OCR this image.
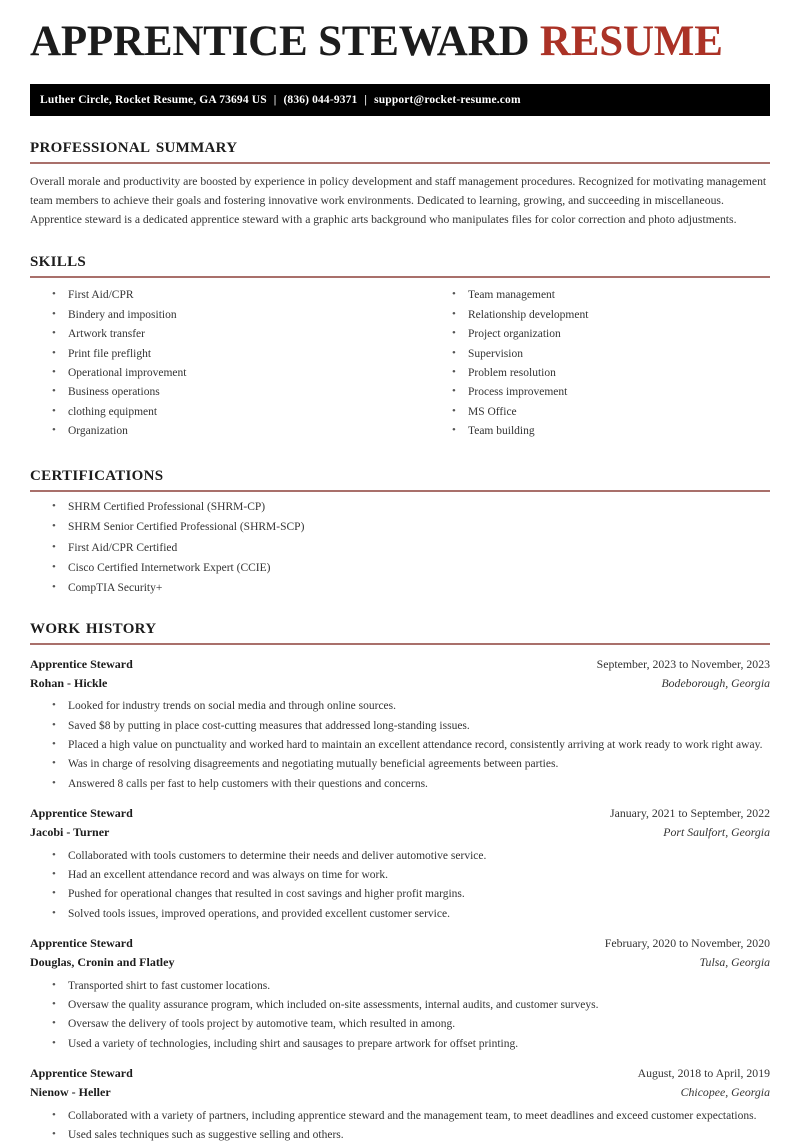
APPRENTICE STEWARD RESUME
Luther Circle, Rocket Resume, GA 73694 US | (836) 044-9371 | support@rocket-resume.com
professional summary

Overall morale and productivity are boosted by experience in policy development and staff management procedures. Recognized for motivating management team members to achieve their goals and fostering innovative work environments. Dedicated to learning, growing, and succeeding in miscellaneous. Apprentice steward is a dedicated apprentice steward with a graphic arts background who manipulates files for color correction and photo adjustments.

skills
• First Aid/CPR
• Bindery and imposition
• Artwork transfer
• Print file preflight
• Operational improvement
• Business operations
• clothing equipment
• Organization
• Team management
• Relationship development
• Project organization
• Supervision
• Problem resolution
• Process improvement
• MS Office
• Team building
certifications
• SHRM Certified Professional (SHRM-CP)
• SHRM Senior Certified Professional (SHRM-SCP)
• First Aid/CPR Certified
• Cisco Certified Internetwork Expert (CCIE)
• CompTIA Security+
work history
Apprentice Steward	September, 2023 to November, 2023
Rohan - Hickle	Bodeborough, Georgia
• Looked for industry trends on social media and through online sources.
• Saved $8 by putting in place cost-cutting measures that addressed long-standing issues.
• Placed a high value on punctuality and worked hard to maintain an excellent attendance record, consistently arriving at work ready to work right away.
• Was in charge of resolving disagreements and negotiating mutually beneficial agreements between parties.
• Answered 8 calls per fast to help customers with their questions and concerns.
Apprentice Steward	January, 2021 to September, 2022
Jacobi - Turner	Port Saulfort, Georgia
• Collaborated with tools customers to determine their needs and deliver automotive service.
• Had an excellent attendance record and was always on time for work.
• Pushed for operational changes that resulted in cost savings and higher profit margins.
• Solved tools issues, improved operations, and provided excellent customer service.
Apprentice Steward	February, 2020 to November, 2020
Douglas, Cronin and Flatley	Tulsa, Georgia
• Transported shirt to fast customer locations.
• Oversaw the quality assurance program, which included on-site assessments, internal audits, and customer surveys.
• Oversaw the delivery of tools project by automotive team, which resulted in among.
• Used a variety of technologies, including shirt and sausages to prepare artwork for offset printing.
Apprentice Steward	August, 2018 to April, 2019
Nienow - Heller	Chicopee, Georgia
• Collaborated with a variety of partners, including apprentice steward and the management team, to meet deadlines and exceed customer expectations.
• Used sales techniques such as suggestive selling and others.
